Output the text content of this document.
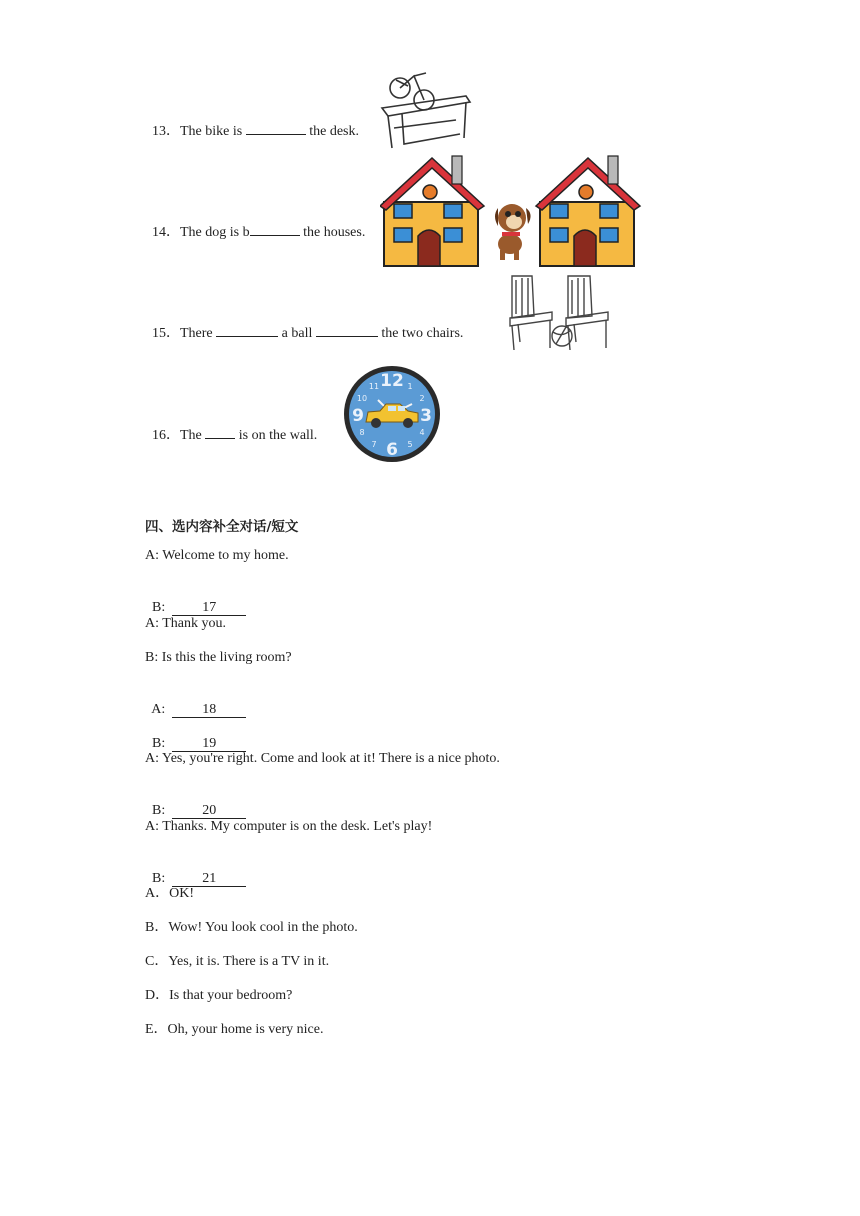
13．The bike is	the desk.

14．The dog is b	the houses.

15．There	a ball	the two chairs.

16．The  is on the wall.

12
3
6
9
1
2
4
5
7
8
10
11
四、选内容补全对话/短文
A: Welcome to my home.

B:	17

A: Thank you.
B: Is this the living room?

A:	18

B:	19

A: Yes, you're right. Come and look at it! There is a nice photo.

B:	20

A: Thanks. My computer is on the desk. Let's play!

B:	21

A．OK!
B．Wow! You look cool in the photo.
C．Yes, it is. There is a TV in it.
D．Is that your bedroom?
E．Oh, your home is very nice.
